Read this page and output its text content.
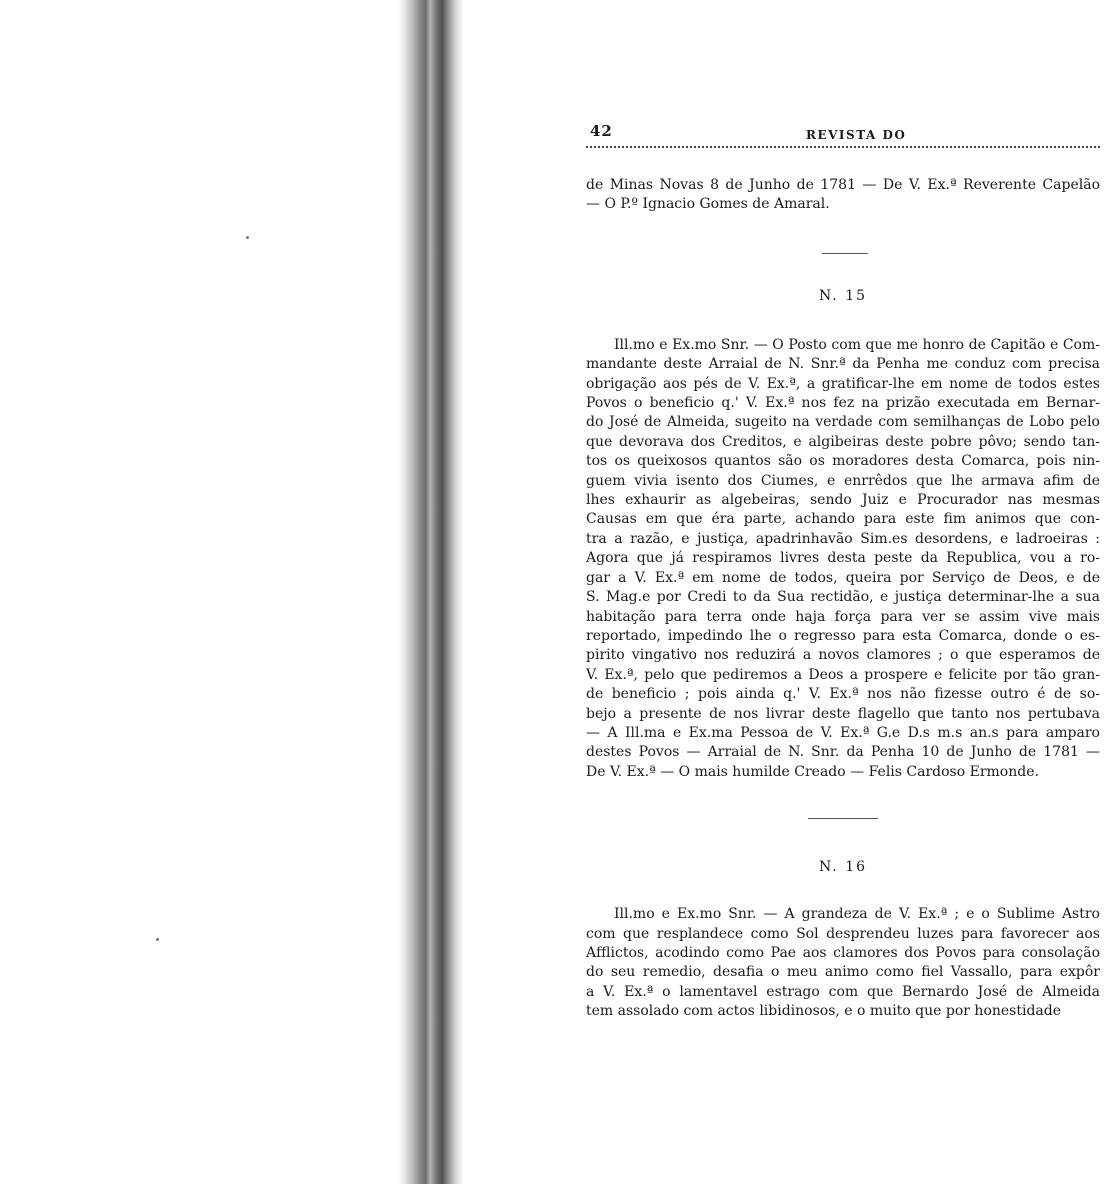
42	REVISTA DO

de Minas Novas 8 de Junho de 1781 — De V. Ex.ª Reverente Capelão
— O P.º Ignacio Gomes de Amaral.

N. 15

Ill.mo e Ex.mo Snr. — O Posto com que me honro de Capitão e Com-
mandante deste Arraial de N. Snr.ª da Penha me conduz com precisa
obrigação aos pés de V. Ex.ª, a gratificar-lhe em nome de todos estes
Povos o beneficio q.' V. Ex.ª nos fez na prizão executada em Bernar-
do José de Almeida, sugeito na verdade com semilhanças de Lobo pelo
que devorava dos Creditos, e algibeiras deste pobre pôvo; sendo tan-
tos os queixosos quantos são os moradores desta Comarca, pois nin-
guem vivia isento dos Ciumes, e enrrêdos que lhe armava afim de
lhes exhaurir as algebeiras, sendo Juiz e Procurador nas mesmas
Causas em que éra parte, achando para este fim animos que con-
tra a razão, e justiça, apadrinhavão Sim.es desordens, e ladroeiras :
Agora que já respiramos livres desta peste da Republica, vou a ro-
gar a V. Ex.ª em nome de todos, queira por Serviço de Deos, e de
S. Mag.e por Credi to da Sua rectidão, e justiça determinar-lhe a sua
habitação para terra onde haja força para ver se assim vive mais
reportado, impedindo lhe o regresso para esta Comarca, donde o es-
pirito vingativo nos reduzirá a novos clamores ; o que esperamos de
V. Ex.ª, pelo que pediremos a Deos a prospere e felicite por tão gran-
de beneficio ; pois ainda q.' V. Ex.ª nos não fizesse outro é de so-
bejo a presente de nos livrar deste flagello que tanto nos pertubava
— A Ill.ma e Ex.ma Pessoa de V. Ex.ª G.e D.s m.s an.s para amparo
destes Povos — Arraial de N. Snr. da Penha 10 de Junho de 1781 —
De V. Ex.ª — O mais humilde Creado — Felis Cardoso Ermonde.

N. 16

Ill.mo e Ex.mo Snr. — A grandeza de V. Ex.ª ; e o Sublime Astro
com que resplandece como Sol desprendeu luzes para favorecer aos
Afflictos, acodindo como Pae aos clamores dos Povos para consolação
do seu remedio, desafia o meu animo como fiel Vassallo, para expôr
a V. Ex.ª o lamentavel estrago com que Bernardo José de Almeida
tem assolado com actos libidinosos, e o muito que por honestidade
